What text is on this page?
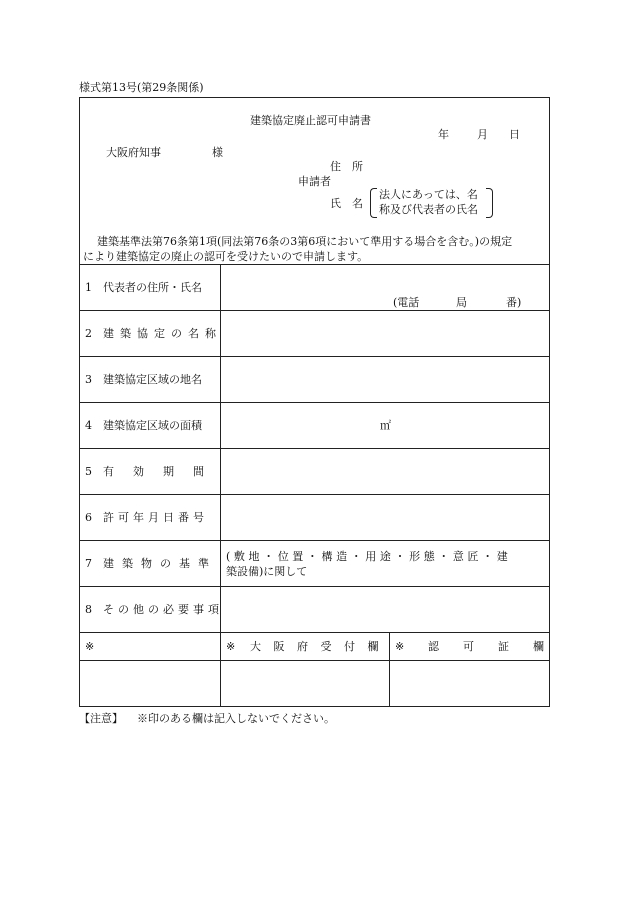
様式第13号(第29条関係)
建築協定廃止認可申請書
年	月 日
大阪府知事	様
住　所
申請者
氏　名
法人にあっては、名
称及び代表者の氏名
建築基準法第76条第1項(同法第76条の3第6項において準用する場合を含む。)の規定
により建築協定の廃止の認可を受けたいので申請します。
1　代表者の住所・氏名
(電話	局	番)
2 建築協定の名称
3　建築協定区域の地名
4　建築協定区域の面積	㎡
5 有効期間
6 許可年月日番号
7 建築物の基準
(敷地・位置・構造・用途・形態・意匠・建
築設備)に関して
8 その他の必要事項
※	※ 大阪府受付欄 ※ 認可証欄
【注意】 ※印のある欄は記入しないでください。
